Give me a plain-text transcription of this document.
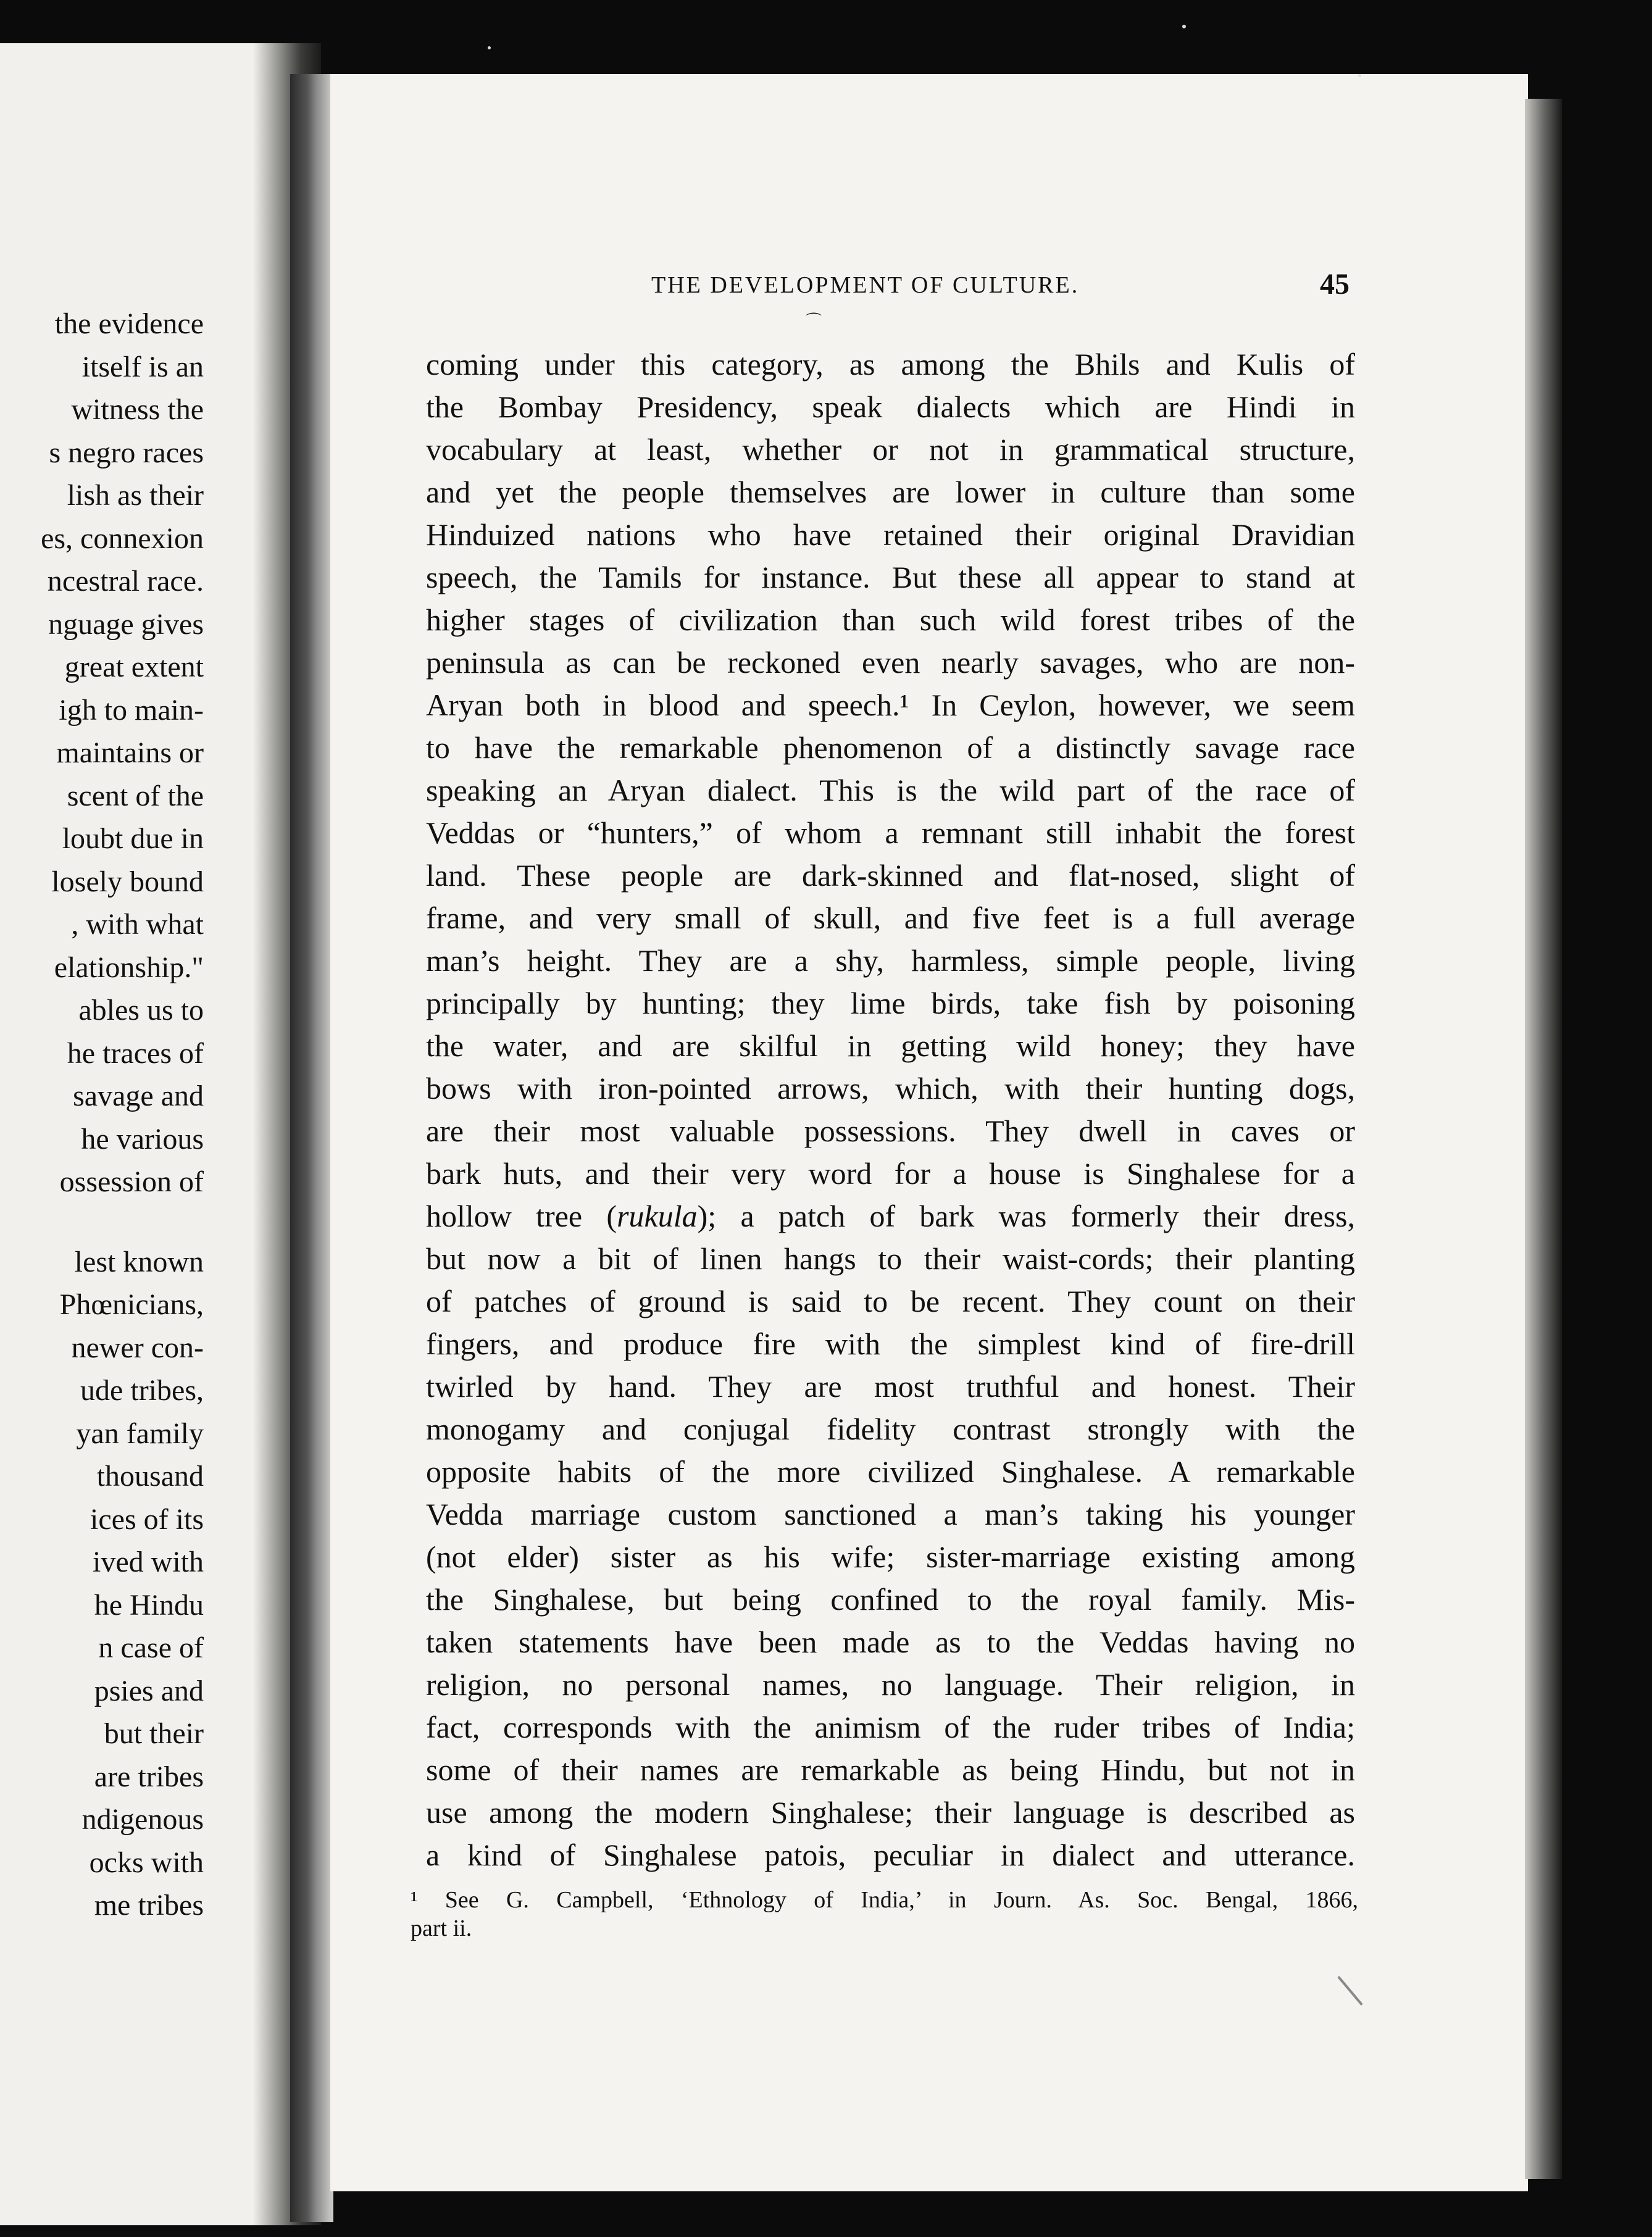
the evidence
itself is an
witness the
s negro races
lish as their
es, connexion
ncestral race.
nguage gives
great extent
igh to main-
maintains or
scent of the
loubt due in
losely bound
, with what
elationship."
ables us to
he traces of
savage and
he various
ossession of
lest known
Phœnicians,
newer con-
ude tribes,
yan family
thousand
ices of its
ived with
he Hindu
n case of
psies and
but their
are tribes
ndigenous
ocks with
me tribes
THE DEVELOPMENT OF CULTURE.	45
⌒
coming under this category, as among the Bhils and Kulis of
the Bombay Presidency, speak dialects which are Hindi in
vocabulary at least, whether or not in grammatical structure,
and yet the people themselves are lower in culture than some
Hinduized nations who have retained their original Dravidian
speech, the Tamils for instance. But these all appear to stand at
higher stages of civilization than such wild forest tribes of the
peninsula as can be reckoned even nearly savages, who are non-
Aryan both in blood and speech.¹ In Ceylon, however, we seem
to have the remarkable phenomenon of a distinctly savage race
speaking an Aryan dialect. This is the wild part of the race of
Veddas or “hunters,” of whom a remnant still inhabit the forest
land. These people are dark-skinned and flat-nosed, slight of
frame, and very small of skull, and five feet is a full average
man’s height. They are a shy, harmless, simple people, living
principally by hunting; they lime birds, take fish by poisoning
the water, and are skilful in getting wild honey; they have
bows with iron-pointed arrows, which, with their hunting dogs,
are their most valuable possessions. They dwell in caves or
bark huts, and their very word for a house is Singhalese for a
hollow tree (rukula); a patch of bark was formerly their dress,
but now a bit of linen hangs to their waist-cords; their planting
of patches of ground is said to be recent. They count on their
fingers, and produce fire with the simplest kind of fire-drill
twirled by hand. They are most truthful and honest. Their
monogamy and conjugal fidelity contrast strongly with the
opposite habits of the more civilized Singhalese. A remarkable
Vedda marriage custom sanctioned a man’s taking his younger
(not elder) sister as his wife; sister-marriage existing among
the Singhalese, but being confined to the royal family. Mis-
taken statements have been made as to the Veddas having no
religion, no personal names, no language. Their religion, in
fact, corresponds with the animism of the ruder tribes of India;
some of their names are remarkable as being Hindu, but not in
use among the modern Singhalese; their language is described as
a kind of Singhalese patois, peculiar in dialect and utterance.
¹ See G. Campbell, ‘Ethnology of India,’ in Journ. As. Soc. Bengal, 1866,
part ii.
